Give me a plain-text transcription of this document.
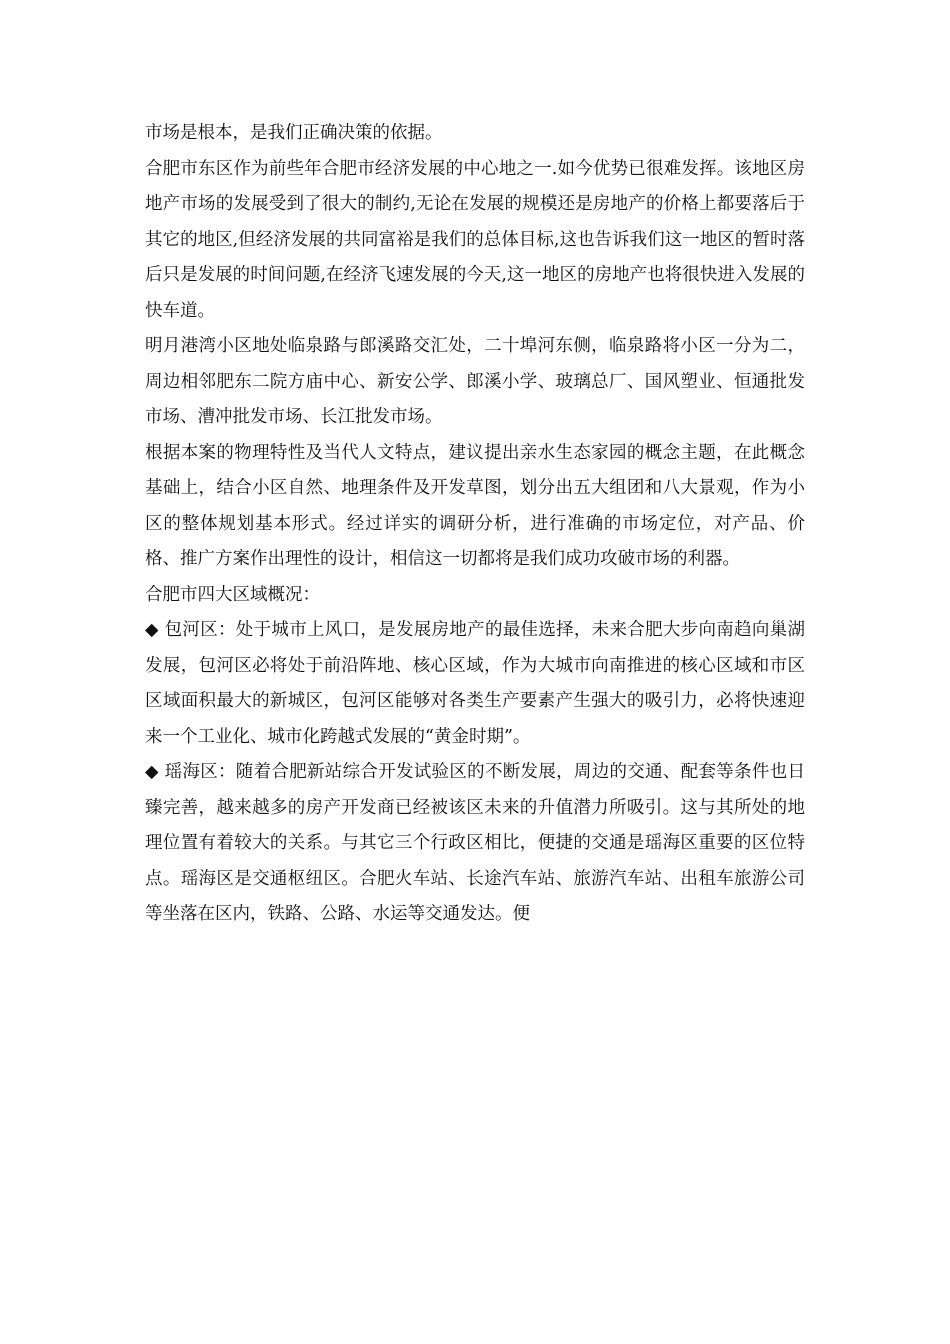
市场是根本，是我们正确决策的依据。

合肥市东区作为前些年合肥市经济发展的中心地之一.如今优势已很难发挥。该地区房地产市场的发展受到了很大的制约,无论在发展的规模还是房地产的价格上都要落后于其它的地区,但经济发展的共同富裕是我们的总体目标,这也告诉我们这一地区的暂时落后只是发展的时间问题,在经济飞速发展的今天,这一地区的房地产也将很快进入发展的快车道。

明月港湾小区地处临泉路与郎溪路交汇处，二十埠河东侧，临泉路将小区一分为二，周边相邻肥东二院方庙中心、新安公学、郎溪小学、玻璃总厂、国风塑业、恒通批发市场、漕冲批发市场、长江批发市场。

根据本案的物理特性及当代人文特点，建议提出亲水生态家园的概念主题，在此概念基础上，结合小区自然、地理条件及开发草图，划分出五大组团和八大景观，作为小区的整体规划基本形式。经过详实的调研分析，进行准确的市场定位，对产品、价格、推广方案作出理性的设计，相信这一切都将是我们成功攻破市场的利器。

合肥市四大区域概况：

◆ 包河区：处于城市上风口，是发展房地产的最佳选择，未来合肥大步向南趋向巢湖发展，包河区必将处于前沿阵地、核心区域，作为大城市向南推进的核心区域和市区区域面积最大的新城区，包河区能够对各类生产要素产生强大的吸引力，必将快速迎来一个工业化、城市化跨越式发展的“黄金时期”。

◆ 瑶海区：随着合肥新站综合开发试验区的不断发展，周边的交通、配套等条件也日臻完善，越来越多的房产开发商已经被该区未来的升值潜力所吸引。这与其所处的地理位置有着较大的关系。与其它三个行政区相比，便捷的交通是瑶海区重要的区位特点。瑶海区是交通枢纽区。合肥火车站、长途汽车站、旅游汽车站、出租车旅游公司等坐落在区内，铁路、公路、水运等交通发达。便
